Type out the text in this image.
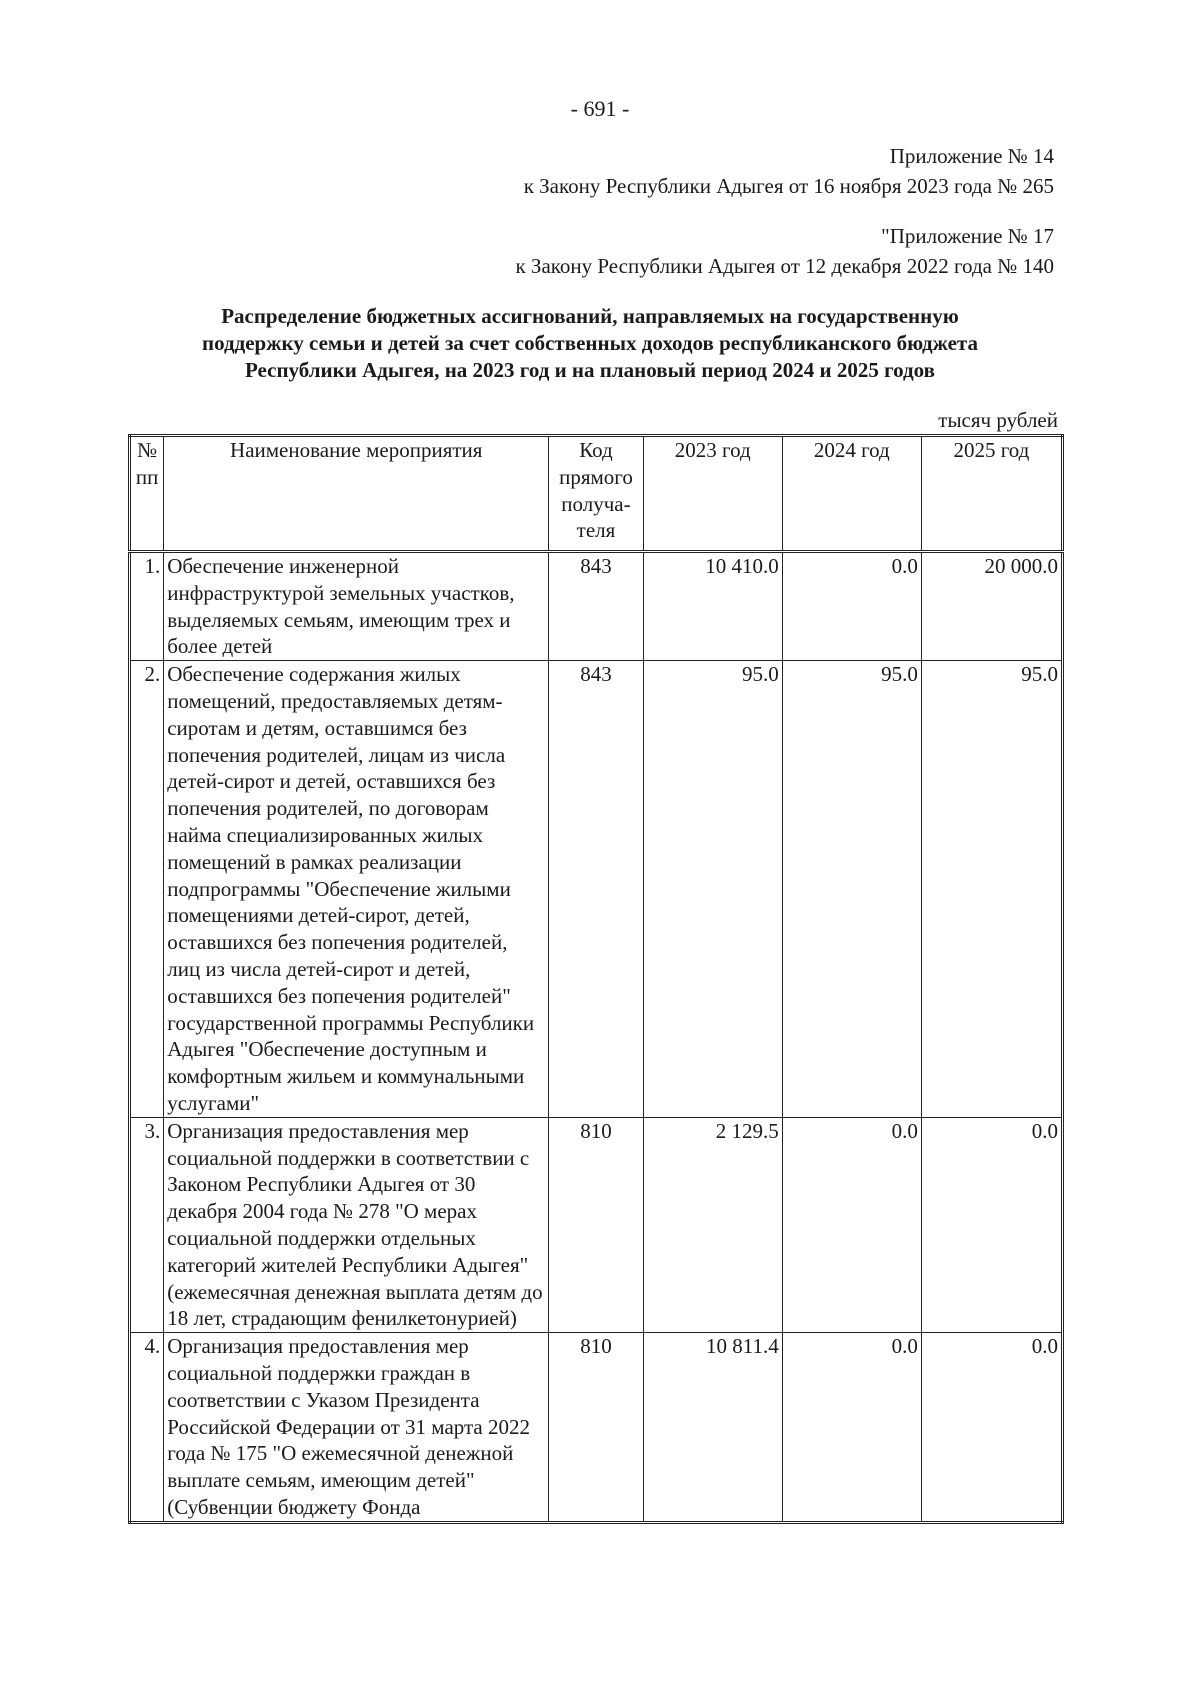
- 691 -
Приложение № 14
к Закону Республики Адыгея от 16 ноября 2023 года № 265
"Приложение № 17
к Закону Республики Адыгея от 12 декабря 2022 года № 140
Распределение бюджетных ассигнований, направляемых на государственную
поддержку семьи и детей за счет собственных доходов республиканского бюджета
Республики Адыгея, на 2023 год и на плановый период 2024 и 2025 годов
тысяч рублей
№ пп	Наименование мероприятия	Код прямого получа-теля	2023 год	2024 год	2025 год
1.	Обеспечение инженерной инфраструктурой земельных участков, выделяемых семьям, имеющим трех и более детей	843	10 410.0	0.0	20 000.0
2.	Обеспечение содержания жилых помещений, предоставляемых детям-сиротам и детям, оставшимся без попечения родителей, лицам из числа детей-сирот и детей, оставшихся без попечения родителей, по договорам найма специализированных жилых помещений в рамках реализации подпрограммы "Обеспечение жилыми помещениями детей-сирот, детей, оставшихся без попечения родителей, лиц из числа детей-сирот и детей, оставшихся без попечения родителей" государственной программы Республики Адыгея "Обеспечение доступным и комфортным жильем и коммунальными услугами"	843	95.0	95.0	95.0
3.	Организация предоставления мер социальной поддержки в соответствии с Законом Республики Адыгея от 30 декабря 2004 года № 278 "О мерах социальной поддержки отдельных категорий жителей Республики Адыгея" (ежемесячная денежная выплата детям до 18 лет, страдающим фенилкетонурией)	810	2 129.5	0.0	0.0
4.	Организация предоставления мер социальной поддержки граждан в соответствии с Указом Президента Российской Федерации от 31 марта 2022 года № 175 "О ежемесячной денежной выплате семьям, имеющим детей"(Субвенции бюджету Фонда	810	10 811.4	0.0	0.0
